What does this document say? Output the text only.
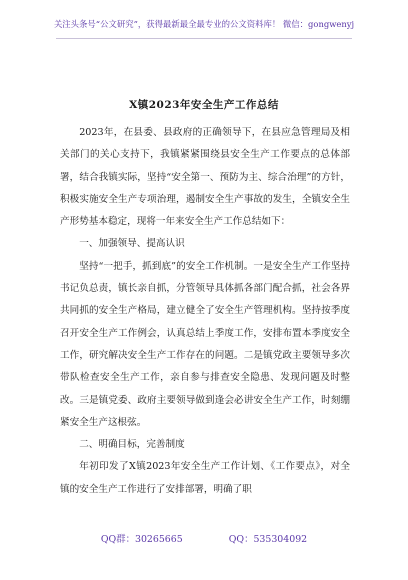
关注头条号“公文研究”，获得最新最全最专业的公文资料库！ 微信：gongwenyj
X镇2023年安全生产工作总结

2023年，在县委、县政府的正确领导下，在县应急管理局及相关部门的关心支持下，我镇紧紧围绕县安全生产工作要点的总体部署，结合我镇实际，坚持“安全第一、预防为主、综合治理”的方针，积极实施安全生产专项治理，遏制安全生产事故的发生，全镇安全生产形势基本稳定，现将一年来安全生产工作总结如下：

一、加强领导、提高认识

坚持“一把手，抓到底”的安全工作机制。一是安全生产工作坚持书记负总责，镇长亲自抓，分管领导具体抓各部门配合抓，社会各界共同抓的安全生产格局，建立健全了安全生产管理机构。坚持按季度召开安全生产工作例会，认真总结上季度工作，安排布置本季度安全工作，研究解决安全生产工作存在的问题。二是镇党政主要领导多次带队检查安全生产工作，亲自参与排查安全隐患、发现问题及时整改。三是镇党委、政府主要领导做到逢会必讲安全生产工作，时刻绷紧安全生产这根弦。

二、明确目标，完善制度

年初印发了X镇2023年安全生产工作计划、《工作要点》，对全镇的安全生产工作进行了安排部署，明确了职

QQ群：30265665	QQ：535304092
